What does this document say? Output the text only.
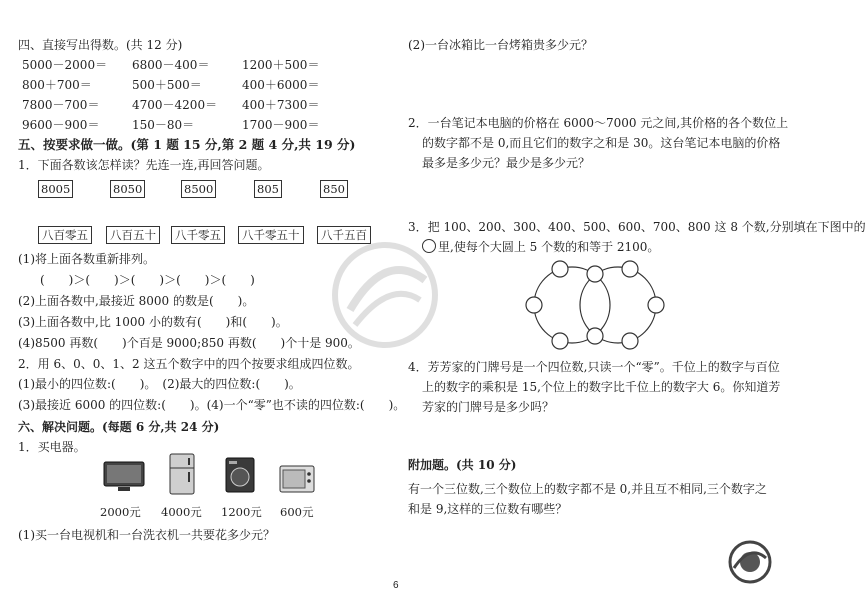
四、直接写出得数。(共 12 分)
5000－2000＝ 6800－400＝	1200＋500＝
800＋700＝	500＋500＝	400＋6000＝
7800－700＝	4700－4200＝ 400＋7300＝
9600－900＝	150－80＝	1700－900＝
五、按要求做一做。(第 1 题 15 分,第 2 题 4 分,共 19 分)
1．下面各数该怎样读？先连一连,再回答问题。
8005	8050	8500	805	850
八百零五	八百五十	八千零五	八千零五十	八千五百
(1)将上面各数重新排列。
(　　)＞(　　)＞(　　)＞(　　)＞(　　)
(2)上面各数中,最接近 8000 的数是(　　)。
(3)上面各数中,比 1000 小的数有(　　)和(　　)。
(4)8500 再数(　　)个百是 9000;850 再数(　　)个十是 900。
2．用 6、0、0、1、2 这五个数字中的四个按要求组成四位数。
(1)最小的四位数:(　　)。　(2)最大的四位数:(　　)。
(3)最接近 6000 的四位数:(　　)。(4)一个“零”也不读的四位数:(　　)。
六、解决问题。(每题 6 分,共 24 分)
1．买电器。
2000元 4000元 1200元 600元
(1)买一台电视机和一台洗衣机一共要花多少元？
(2)一台冰箱比一台烤箱贵多少元？
2．一台笔记本电脑的价格在 6000～7000 元之间,其价格的各个数位上
的数字都不是 0,而且它们的数字之和是 30。这台笔记本电脑的价格
最多是多少元？最少是多少元？
3．把 100、200、300、400、500、600、700、800 这 8 个数,分别填在下图中的
里,使每个大圆上 5 个数的和等于 2100。
4．芳芳家的门牌号是一个四位数,只读一个“零”。千位上的数字与百位
上的数字的乘积是 15,个位上的数字比千位上的数字大 6。你知道芳
芳家的门牌号是多少吗？
附加题。(共 10 分)
有一个三位数,三个数位上的数字都不是 0,并且互不相同,三个数字之
和是 9,这样的三位数有哪些？
6
